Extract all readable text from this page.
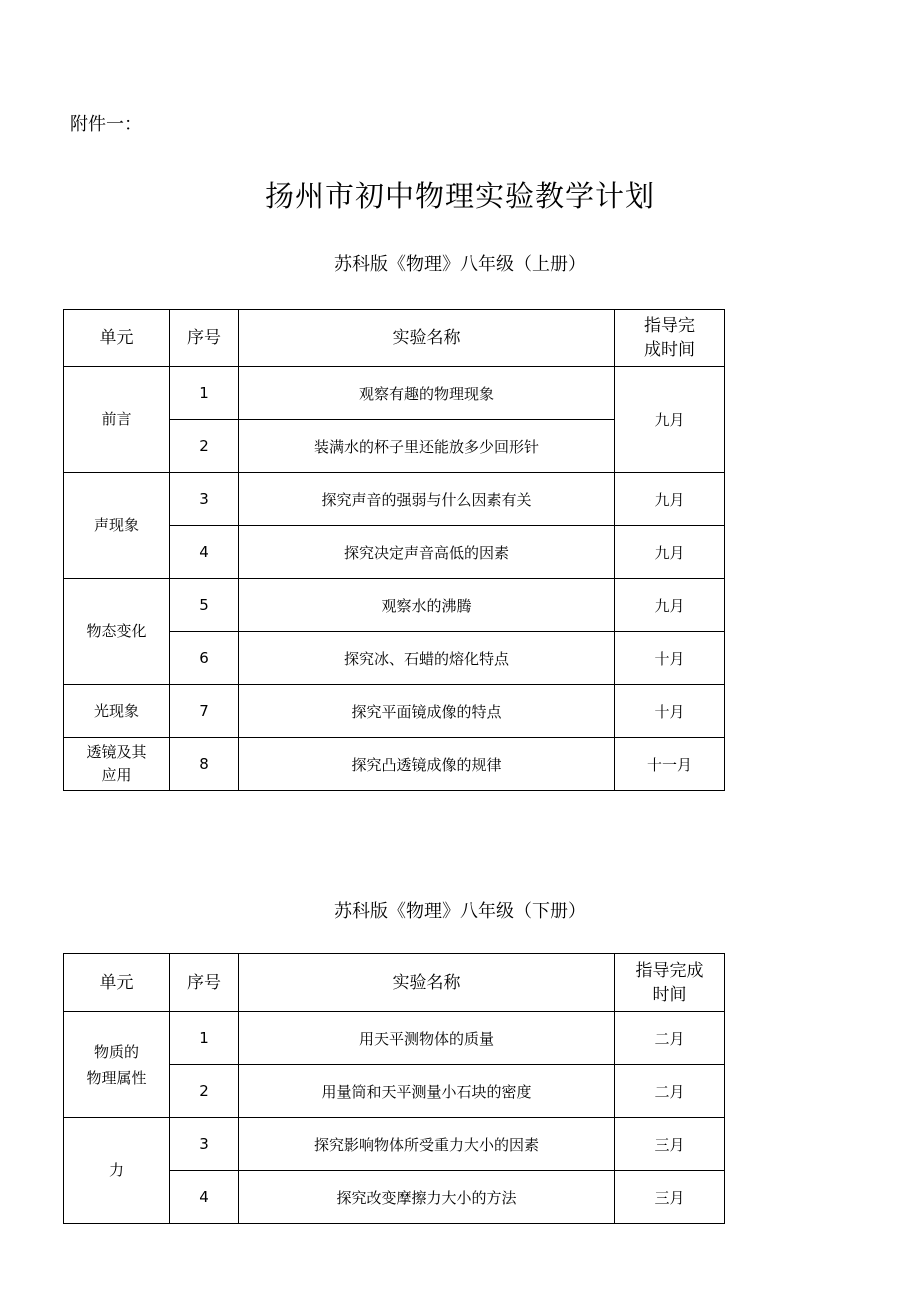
附件一：
扬州市初中物理实验教学计划
苏科版《物理》八年级（上册）
单元	序号	实验名称	指导完
成时间
前言	1	观察有趣的物理现象	九月
	2	装满水的杯子里还能放多少回形针	
声现象	3	探究声音的强弱与什么因素有关	九月
	4	探究决定声音高低的因素	九月
物态变化	5	观察水的沸腾	九月
	6	探究冰、石蜡的熔化特点	十月
光现象	7	探究平面镜成像的特点	十月
透镜及其
应用	8	探究凸透镜成像的规律	十一月
苏科版《物理》八年级（下册）
单元	序号	实验名称	指导完成
时间
物质的
物理属性	1	用天平测物体的质量	二月
	2	用量筒和天平测量小石块的密度	二月
力	3	探究影响物体所受重力大小的因素	三月
	4	探究改变摩擦力大小的方法	三月
